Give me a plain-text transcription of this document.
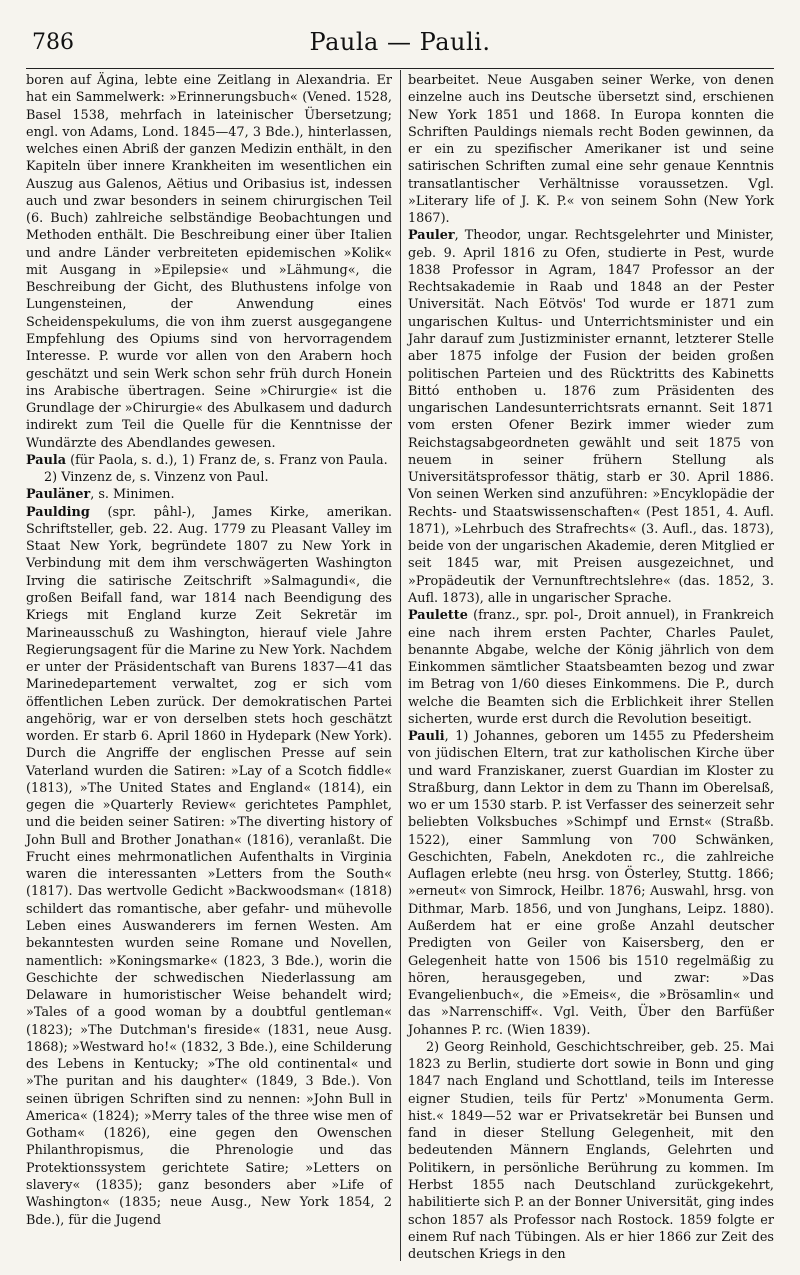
786	Paula — Pauli.

boren auf Ägina, lebte eine Zeitlang in Alexandria. Er hat ein Sammelwerk: »Erinnerungsbuch« (Vened. 1528, Basel 1538, mehrfach in lateinischer Übersetzung; engl. von Adams, Lond. 1845—47, 3 Bde.), hinterlassen, welches einen Abriß der ganzen Medizin enthält, in den Kapiteln über innere Krankheiten im wesentlichen ein Auszug aus Galenos, Aëtius und Oribasius ist, indessen auch und zwar besonders in seinem chirurgischen Teil (6. Buch) zahlreiche selbständige Beobachtungen und Methoden enthält. Die Beschreibung einer über Italien und andre Länder verbreiteten epidemischen »Kolik« mit Ausgang in »Epilepsie« und »Lähmung«, die Beschreibung der Gicht, des Bluthustens infolge von Lungensteinen, der Anwendung eines Scheidenspekulums, die von ihm zuerst ausgegangene Empfehlung des Opiums sind von hervorragendem Interesse. P. wurde vor allen von den Arabern hoch geschätzt und sein Werk schon sehr früh durch Honein ins Arabische übertragen. Seine »Chirurgie« ist die Grundlage der »Chirurgie« des Abulkasem und dadurch indirekt zum Teil die Quelle für die Kenntnisse der Wundärzte des Abendlandes gewesen.

Paula (für Paola, s. d.), 1) Franz de, s. Franz von Paula.

2) Vinzenz de, s. Vinzenz von Paul.

Pauläner, s. Minimen.

Paulding (spr. pâhl-), James Kirke, amerikan. Schriftsteller, geb. 22. Aug. 1779 zu Pleasant Valley im Staat New York, begründete 1807 zu New York in Verbindung mit dem ihm verschwägerten Washington Irving die satirische Zeitschrift »Salmagundi«, die großen Beifall fand, war 1814 nach Beendigung des Kriegs mit England kurze Zeit Sekretär im Marineausschuß zu Washington, hierauf viele Jahre Regierungsagent für die Marine zu New York. Nachdem er unter der Präsidentschaft van Burens 1837—41 das Marinedepartement verwaltet, zog er sich vom öffentlichen Leben zurück. Der demokratischen Partei angehörig, war er von derselben stets hoch geschätzt worden. Er starb 6. April 1860 in Hydepark (New York). Durch die Angriffe der englischen Presse auf sein Vaterland wurden die Satiren: »Lay of a Scotch fiddle« (1813), »The United States and England« (1814), ein gegen die »Quarterly Review« gerichtetes Pamphlet, und die beiden seiner Satiren: »The diverting history of John Bull and Brother Jonathan« (1816), veranlaßt. Die Frucht eines mehrmonatlichen Aufenthalts in Virginia waren die interessanten »Letters from the South« (1817). Das wertvolle Gedicht »Backwoodsman« (1818) schildert das romantische, aber gefahr- und mühevolle Leben eines Auswanderers im fernen Westen. Am bekanntesten wurden seine Romane und Novellen, namentlich: »Koningsmarke« (1823, 3 Bde.), worin die Geschichte der schwedischen Niederlassung am Delaware in humoristischer Weise behandelt wird; »Tales of a good woman by a doubtful gentleman« (1823); »The Dutchman's fireside« (1831, neue Ausg. 1868); »Westward ho!« (1832, 3 Bde.), eine Schilderung des Lebens in Kentucky; »The old continental« und »The puritan and his daughter« (1849, 3 Bde.). Von seinen übrigen Schriften sind zu nennen: »John Bull in America« (1824); »Merry tales of the three wise men of Gotham« (1826), eine gegen den Owenschen Philanthropismus, die Phrenologie und das Protektionssystem gerichtete Satire; »Letters on slavery« (1835); ganz besonders aber »Life of Washington« (1835; neue Ausg., New York 1854, 2 Bde.), für die Jugend

bearbeitet. Neue Ausgaben seiner Werke, von denen einzelne auch ins Deutsche übersetzt sind, erschienen New York 1851 und 1868. In Europa konnten die Schriften Pauldings niemals recht Boden gewinnen, da er ein zu spezifischer Amerikaner ist und seine satirischen Schriften zumal eine sehr genaue Kenntnis transatlantischer Verhältnisse voraussetzen. Vgl. »Literary life of J. K. P.« von seinem Sohn (New York 1867).

Pauler, Theodor, ungar. Rechtsgelehrter und Minister, geb. 9. April 1816 zu Ofen, studierte in Pest, wurde 1838 Professor in Agram, 1847 Professor an der Rechtsakademie in Raab und 1848 an der Pester Universität. Nach Eötvös' Tod wurde er 1871 zum ungarischen Kultus- und Unterrichtsminister und ein Jahr darauf zum Justizminister ernannt, letzterer Stelle aber 1875 infolge der Fusion der beiden großen politischen Parteien und des Rücktritts des Kabinetts Bittó enthoben u. 1876 zum Präsidenten des ungarischen Landesunterrichtsrats ernannt. Seit 1871 vom ersten Ofener Bezirk immer wieder zum Reichstagsabgeordneten gewählt und seit 1875 von neuem in seiner frühern Stellung als Universitätsprofessor thätig, starb er 30. April 1886. Von seinen Werken sind anzuführen: »Encyklopädie der Rechts- und Staatswissenschaften« (Pest 1851, 4. Aufl. 1871), »Lehrbuch des Strafrechts« (3. Aufl., das. 1873), beide von der ungarischen Akademie, deren Mitglied er seit 1845 war, mit Preisen ausgezeichnet, und »Propädeutik der Vernunftrechtslehre« (das. 1852, 3. Aufl. 1873), alle in ungarischer Sprache.

Paulette (franz., spr. pol-, Droit annuel), in Frankreich eine nach ihrem ersten Pachter, Charles Paulet, benannte Abgabe, welche der König jährlich von dem Einkommen sämtlicher Staatsbeamten bezog und zwar im Betrag von 1/60 dieses Einkommens. Die P., durch welche die Beamten sich die Erblichkeit ihrer Stellen sicherten, wurde erst durch die Revolution beseitigt.

Pauli, 1) Johannes, geboren um 1455 zu Pfedersheim von jüdischen Eltern, trat zur katholischen Kirche über und ward Franziskaner, zuerst Guardian im Kloster zu Straßburg, dann Lektor in dem zu Thann im Oberelsaß, wo er um 1530 starb. P. ist Verfasser des seinerzeit sehr beliebten Volksbuches »Schimpf und Ernst« (Straßb. 1522), einer Sammlung von 700 Schwänken, Geschichten, Fabeln, Anekdoten rc., die zahlreiche Auflagen erlebte (neu hrsg. von Österley, Stuttg. 1866; »erneut« von Simrock, Heilbr. 1876; Auswahl, hrsg. von Dithmar, Marb. 1856, und von Junghans, Leipz. 1880). Außerdem hat er eine große Anzahl deutscher Predigten von Geiler von Kaisersberg, den er Gelegenheit hatte von 1506 bis 1510 regelmäßig zu hören, herausgegeben, und zwar: »Das Evangelienbuch«, die »Emeis«, die »Brösamlin« und das »Narrenschiff«. Vgl. Veith, Über den Barfüßer Johannes P. rc. (Wien 1839).

2) Georg Reinhold, Geschichtschreiber, geb. 25. Mai 1823 zu Berlin, studierte dort sowie in Bonn und ging 1847 nach England und Schottland, teils im Interesse eigner Studien, teils für Pertz' »Monumenta Germ. hist.« 1849—52 war er Privatsekretär bei Bunsen und fand in dieser Stellung Gelegenheit, mit den bedeutenden Männern Englands, Gelehrten und Politikern, in persönliche Berührung zu kommen. Im Herbst 1855 nach Deutschland zurückgekehrt, habilitierte sich P. an der Bonner Universität, ging indes schon 1857 als Professor nach Rostock. 1859 folgte er einem Ruf nach Tübingen. Als er hier 1866 zur Zeit des deutschen Kriegs in den
